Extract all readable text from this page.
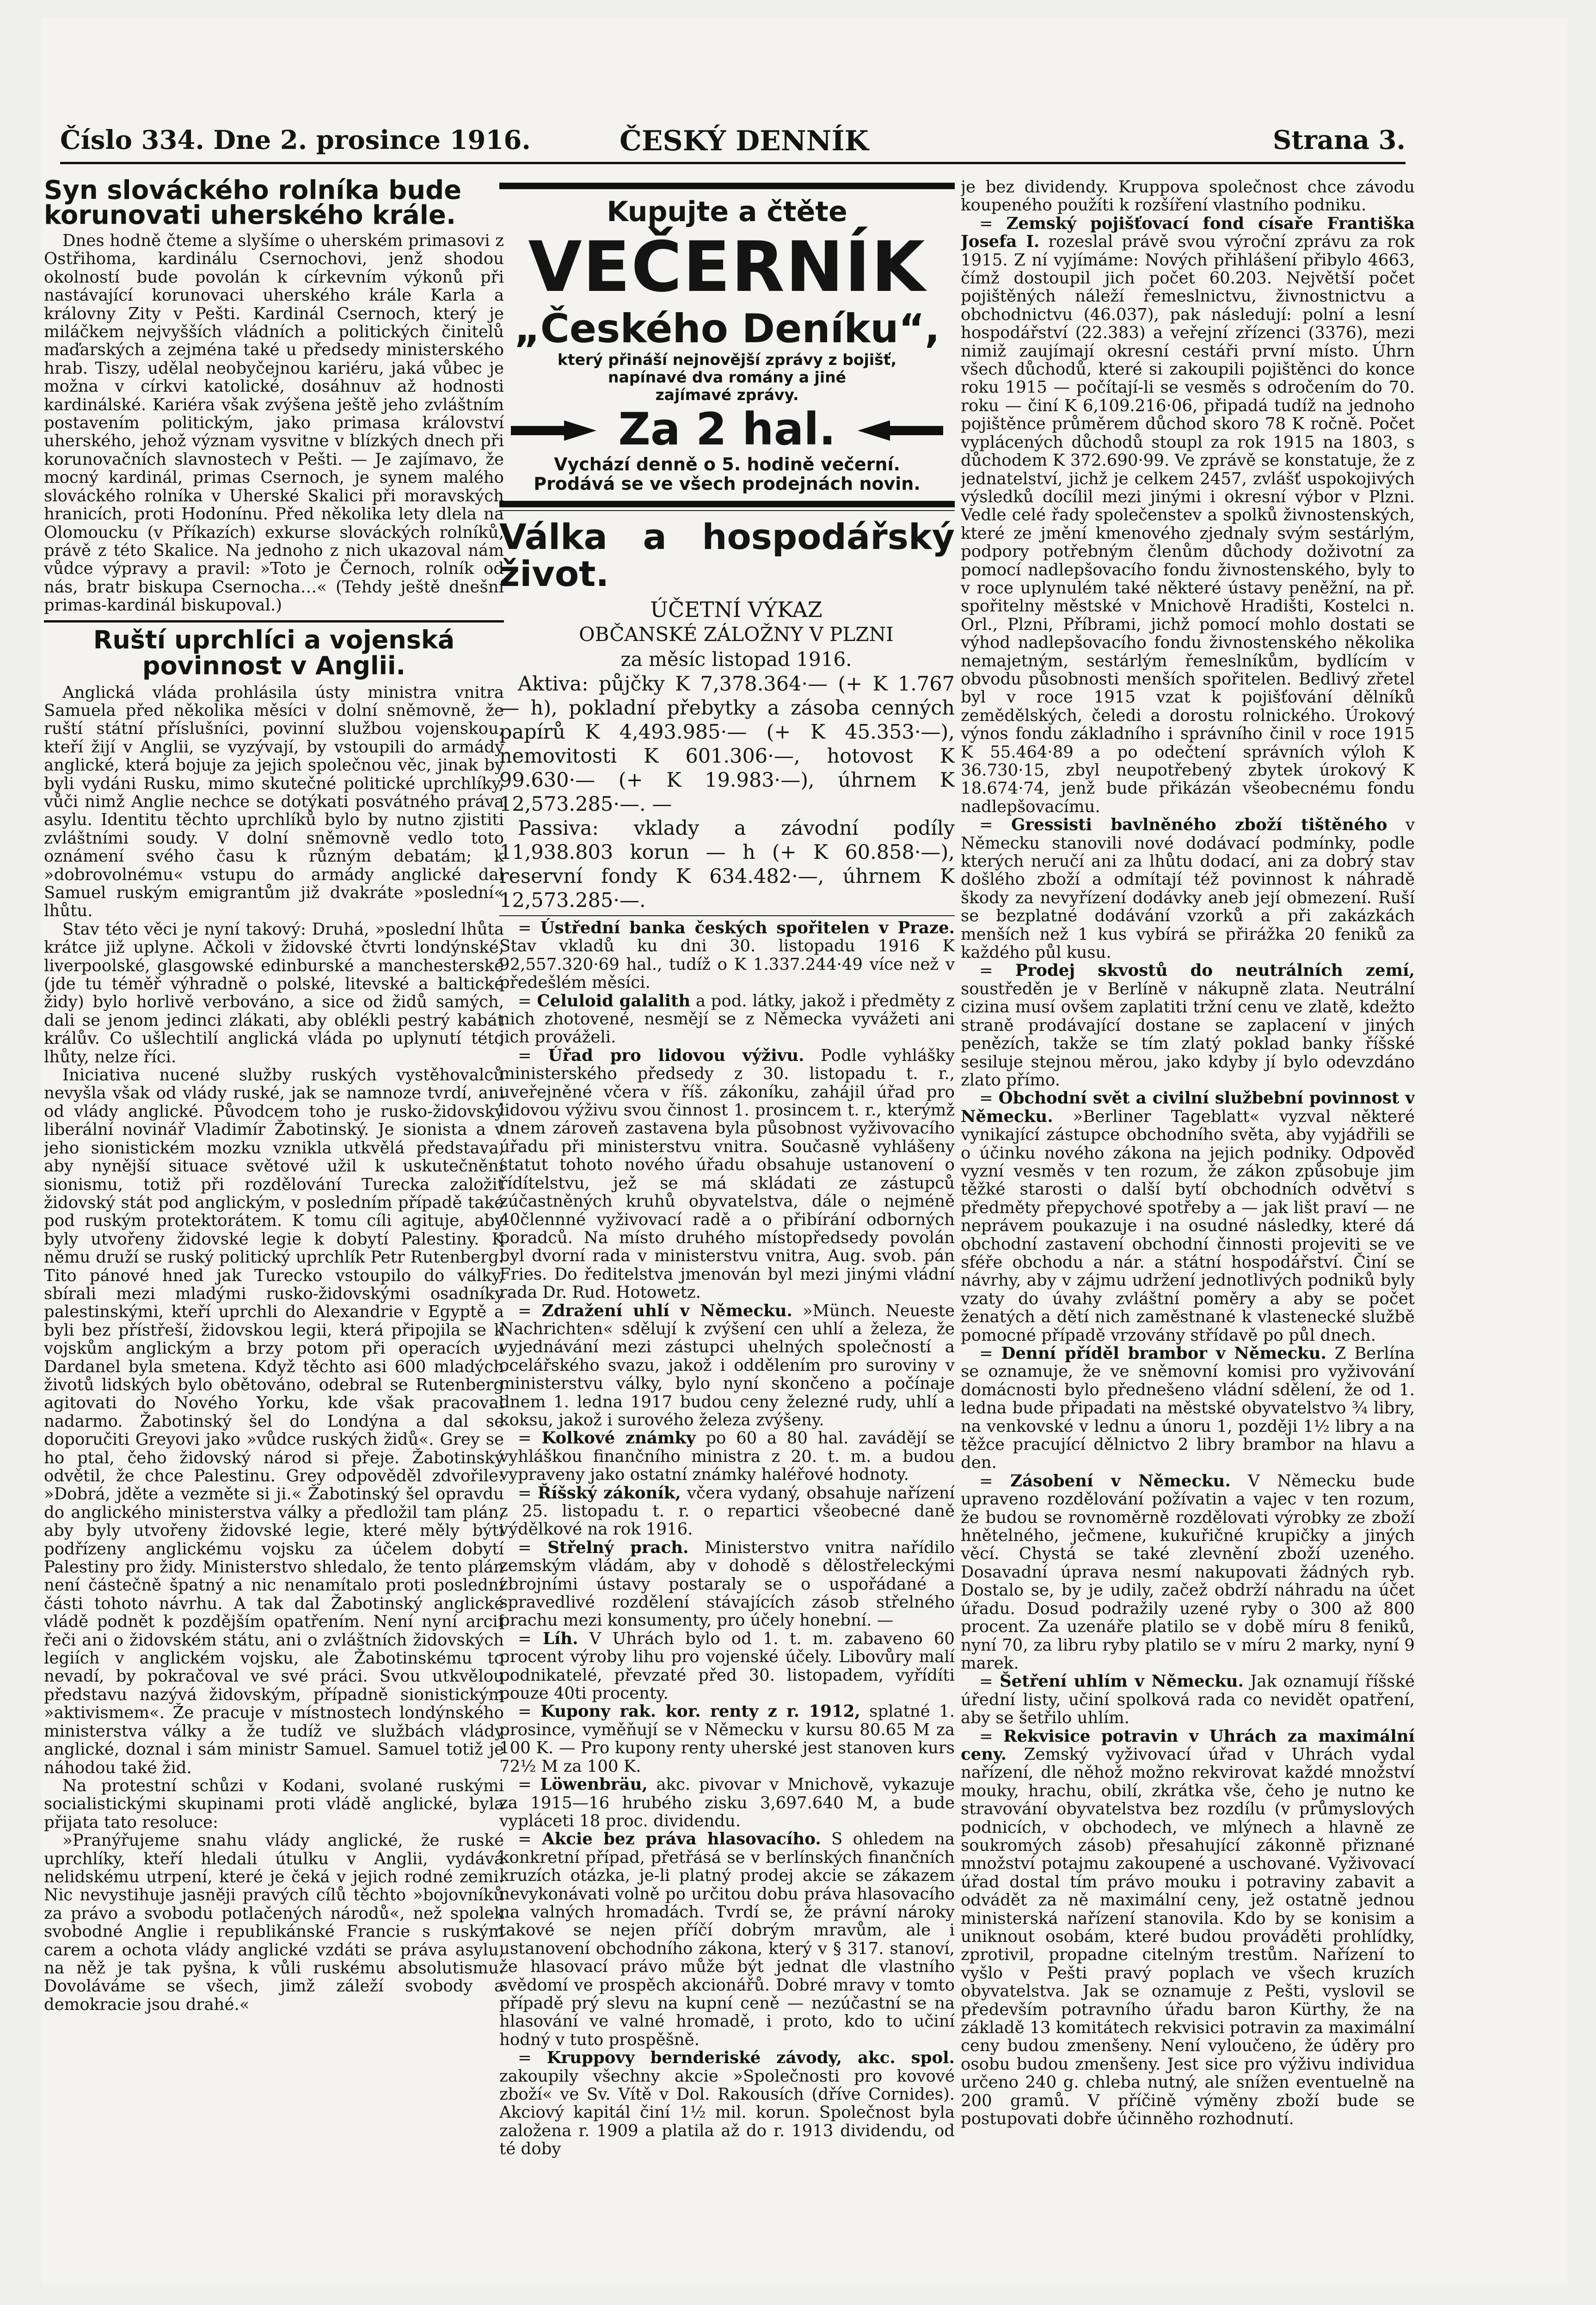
Číslo 334. Dne 2. prosince 1916.	ČESKÝ DENNÍK	Strana 3.
Syn slováckého rolníka bude korunovati uherského krále.

Dnes hodně čteme a slyšíme o uherském primasovi z Ostřihoma, kardinálu Csernochovi, jenž shodou okolností bude povolán k církevním výkonů při nastávající korunovaci uherského krále Karla a královny Zity v Pešti. Kardinál Csernoch, který je miláčkem nejvyšších vládních a politických činitelů maďarských a zejména také u předsedy ministerského hrab. Tiszy, udělal neobyčejnou kariéru, jaká vůbec je možna v církvi katolické, dosáhnuv až hodnosti kardinálské. Kariéra však zvýšena ještě jeho zvláštním postavením politickým, jako primasa království uherského, jehož význam vysvitne v blízkých dnech při korunovačních slavnostech v Pešti. — Je zajímavo, že mocný kardinál, primas Csernoch, je synem malého slováckého rolníka v Uherské Skalici při moravských hranicích, proti Hodonínu. Před několika lety dlela na Olomoucku (v Příkazích) exkurse slováckých rolníků, právě z této Skalice. Na jednoho z nich ukazoval nám vůdce výpravy a pravil: »Toto je Černoch, rolník od nás, bratr biskupa Csernocha…« (Tehdy ještě dnešní primas-kardinál biskupoval.)

Ruští uprchlíci a vojenská povinnost v Anglii.

Anglická vláda prohlásila ústy ministra vnitra Samuela před několika měsíci v dolní sněmovně, že ruští státní příslušníci, povinní službou vojenskou, kteří žijí v Anglii, se vyzývají, by vstoupili do armády anglické, která bojuje za jejich společnou věc, jinak by byli vydáni Rusku, mimo skutečné politické uprchlíky, vůči nimž Anglie nechce se dotýkati posvátného práva asylu. Identitu těchto uprchlíků bylo by nutno zjistiti zvláštními soudy. V dolní sněmovně vedlo toto oznámení svého času k různým debatám; k »dobrovolnému« vstupu do armády anglické dal Samuel ruským emigrantům již dvakráte »poslední« lhůtu.

Stav této věci je nyní takový: Druhá, »poslední lhůta krátce již uplyne. Ačkoli v židovské čtvrti londýnské, liverpoolské, glasgowské edinburské a manchesterské (jde tu téměř výhradně o polské, litevské a baltické židy) bylo horlivě verbováno, a sice od židů samých, dali se jenom jedinci zlákati, aby oblékli pestrý kabát králův. Co ušlechtilí anglická vláda po uplynutí této lhůty, nelze říci.

Iniciativa nucené služby ruských vystěhovalců nevyšla však od vlády ruské, jak se namnoze tvrdí, ani od vlády anglické. Původcem toho je rusko-židovský liberální novinář Vladimír Žabotinský. Je sionista a v jeho sionistickém mozku vznikla utkvělá představa, aby nynější situace světové užil k uskutečnění sionismu, totiž při rozdělování Turecka založit židovský stát pod anglickým, v posledním případě také pod ruským protektorátem. K tomu cíli agituje, aby byly utvořeny židovské legie k dobytí Palestiny. K němu druží se ruský politický uprchlík Petr Rutenberg. Tito pánové hned jak Turecko vstoupilo do války, sbírali mezi mladými rusko-židovskými osadníky palestinskými, kteří uprchli do Alexandrie v Egyptě a byli bez přístřeší, židovskou legii, která připojila se k vojskům anglickým a brzy potom při operacích u Dardanel byla smetena. Když těchto asi 600 mladých životů lidských bylo obětováno, odebral se Rutenberg agitovati do Nového Yorku, kde však pracoval nadarmo. Žabotinský šel do Londýna a dal se doporučiti Greyovi jako »vůdce ruských židů«. Grey se ho ptal, čeho židovský národ si přeje. Žabotinský odvětil, že chce Palestinu. Grey odpověděl zdvořile: »Dobrá, jděte a vezměte si ji.« Žabotinský šel opravdu do anglického ministerstva války a předložil tam plán, aby byly utvořeny židovské legie, které měly býti podřízeny anglickému vojsku za účelem dobytí Palestiny pro židy. Ministerstvo shledalo, že tento plán není částečně špatný a nic nenamítalo proti poslední části tohoto návrhu. A tak dal Žabotinský anglické vládě podnět k pozdějším opatřením. Není nyní arcif řeči ani o židovském státu, ani o zvláštních židovských legiích v anglickém vojsku, ale Žabotinskému to nevadí, by pokračoval ve své práci. Svou utkvělou představu nazývá židovským, případně sionistickým »aktivismem«. Že pracuje v místnostech londýnského ministerstva války a že tudíž ve službách vlády anglické, doznal i sám ministr Samuel. Samuel totiž je náhodou také žid.

Na protestní schůzi v Kodani, svolané ruskými socialistickými skupinami proti vládě anglické, byla přijata tato resoluce:

»Pranýřujeme snahu vlády anglické, že ruské uprchlíky, kteří hledali útulku v Anglii, vydává nelidskému utrpení, které je čeká v jejich rodné zemi. Nic nevystihuje jasněji pravých cílů těchto »bojovníků za právo a svobodu potlačených národů«, než spolek svobodné Anglie i republikánské Francie s ruským carem a ochota vlády anglické vzdáti se práva asylu, na něž je tak pyšna, k vůli ruskému absolutismu. Dovoláváme se všech, jimž záleží svobody a demokracie jsou drahé.«

Kupujte a čtěte
VEČERNÍK
„Českého Deníku“,
který přináší nejnovější zprávy z bojišť,
napínavé dva romány a jiné
zajímavé zprávy.
Za 2 hal.
Vychází denně o 5. hodině večerní.
Prodává se ve všech prodejnách novin.
Válka a hospodářský život.

ÚČETNÍ VÝKAZ

OBČANSKÉ ZÁLOŽNY V PLZNI

za měsíc listopad 1916.

Aktiva: půjčky K 7,378.364·— (+ K 1.767 — h), pokladní přebytky a zásoba cenných papírů K 4,493.985·— (+ K 45.353·—), nemovitosti K 601.306·—, hotovost K 99.630·— (+ K 19.983·—), úhrnem K 12,573.285·—. —

Passiva: vklady a závodní podíly 11,938.803 korun — h (+ K 60.858·—), reservní fondy K 634.482·—, úhrnem K 12,573.285·—.

= Ústřední banka českých spořitelen v Praze. Stav vkladů ku dni 30. listopadu 1916 K 92,557.320·69 hal., tudíž o K 1.337.244·49 více než v předešlém měsíci.

= Celuloid galalith a pod. látky, jakož i předměty z nich zhotovené, nesmějí se z Německa vyvážeti ani jich prováželi.

= Úřad pro lidovou výživu. Podle vyhlášky ministerského předsedy z 30. listopadu t. r., uveřejněné včera v říš. zákoníku, zahájil úřad pro lidovou výživu svou činnost 1. prosincem t. r., kterýmž dnem zároveň zastavena byla působnost vyživovacího úřadu při ministerstvu vnitra. Současně vyhlášeny statut tohoto nového úřadu obsahuje ustanovení o řídítelstvu, jež se má skládati ze zástupců zúčastněných kruhů obyvatelstva, dále o nejméně 40člennné vyživovací radě a o přibírání odborných poradců. Na místo druhého místopředsedy povolán byl dvorní rada v ministerstvu vnitra, Aug. svob. pán Fries. Do ředitelstva jmenován byl mezi jinými vládní rada Dr. Rud. Hotowetz.

= Zdražení uhlí v Německu. »Münch. Neueste Nachrichten« sdělují k zvýšení cen uhlí a železa, že vyjednávání mezi zástupci uhelných společností a ocelářského svazu, jakož i oddělením pro suroviny v ministerstvu války, bylo nyní skončeno a počínaje dnem 1. ledna 1917 budou ceny železné rudy, uhlí a koksu, jakož i surového železa zvýšeny.

= Kolkové známky po 60 a 80 hal. zavádějí se vyhláškou finančního ministra z 20. t. m. a budou vypraveny jako ostatní známky haléřové hodnoty.

= Říšský zákoník, včera vydaný, obsahuje nařízení z 25. listopadu t. r. o repartici všeobecné daně výdělkové na rok 1916.

= Střelný prach. Ministerstvo vnitra nařídilo zemským vládám, aby v dohodě s dělostřeleckými zbrojními ústavy postaraly se o uspořádané a spravedlivé rozdělení stávajících zásob střelného prachu mezi konsumenty, pro účely honební. —

= Líh. V Uhrách bylo od 1. t. m. zabaveno 60 procent výroby lihu pro vojenské účely. Libovůry malí podnikatelé, převzaté před 30. listopadem, vyřídíti pouze 40ti procenty.

= Kupony rak. kor. renty z r. 1912, splatné 1. prosince, vyměňují se v Německu v kursu 80.65 M za 100 K. — Pro kupony renty uherské jest stanoven kurs 72½ M za 100 K.

= Löwenbräu, akc. pivovar v Mnichově, vykazuje za 1915—16 hrubého zisku 3,697.640 M, a bude vypláceti 18 proc. dividendu.

= Akcie bez práva hlasovacího. S ohledem na konkretní případ, přetřásá se v berlínských finančních kruzích otázka, je-li platný prodej akcie se zákazem nevykonávati volně po určitou dobu práva hlasovacího na valných hromadách. Tvrdí se, že právní nároky takové se nejen příčí dobrým mravům, ale i ustanovení obchodního zákona, který v § 317. stanoví, že hlasovací právo může být jednat dle vlastního svědomí ve prospěch akcionářů. Dobré mravy v tomto případě prý slevu na kupní ceně — nezúčastní se na hlasování ve valné hromadě, i proto, kdo to učiní hodný v tuto prospěšně.

= Kruppovy bernderiské závody, akc. spol. zakoupily všechny akcie »Společnosti pro kovové zboží« ve Sv. Vítě v Dol. Rakousích (dříve Cornides). Akciový kapitál činí 1½ mil. korun. Společnost byla založena r. 1909 a platila až do r. 1913 dividendu, od té doby

je bez dividendy. Kruppova společnost chce závodu koupeného použíti k rozšíření vlastního podniku.

= Zemský pojišťovací fond císaře Františka Josefa I. rozeslal právě svou výroční zprávu za rok 1915. Z ní vyjímáme: Nových přihlášení přibylo 4663, čímž dostoupil jich počet 60.203. Největší počet pojištěných náleží řemeslnictvu, živnostnictvu a obchodnictvu (46.037), pak následují: polní a lesní hospodářství (22.383) a veřejní zřízenci (3376), mezi nimiž zaujímají okresní cestáři první místo. Úhrn všech důchodů, které si zakoupili pojištěnci do konce roku 1915 — počítají-li se vesměs s odročením do 70. roku — činí K 6,109.216·06, připadá tudíž na jednoho pojištěnce průměrem důchod skoro 78 K ročně. Počet vyplácených důchodů stoupl za rok 1915 na 1803, s důchodem K 372.690·99. Ve zprávě se konstatuje, že z jednatelství, jichž je celkem 2457, zvlášť uspokojivých výsledků docílil mezi jinými i okresní výbor v Plzni. Vedle celé řady společenstev a spolků živnostenských, které ze jmění kmenového zjednaly svým sestárlým, podpory potřebným členům důchody doživotní za pomocí nadlepšovacího fondu živnostenského, byly to v roce uplynulém také některé ústavy peněžní, na př. spořitelny městské v Mnichově Hradišti, Kostelci n. Orl., Plzni, Příbrami, jichž pomocí mohlo dostati se výhod nadlepšovacího fondu živnostenského několika nemajetným, sestárlým řemeslníkům, bydlícím v obvodu působnosti menších spořitelen. Bedlivý zřetel byl v roce 1915 vzat k pojišťování dělníků zemědělských, čeledi a dorostu rolnického. Úrokový výnos fondu základního i správního činil v roce 1915 K 55.464·89 a po odečtení správních výloh K 36.730·15, zbyl neupotřebený zbytek úrokový K 18.674·74, jenž bude přikázán všeobecnému fondu nadlepšovacímu.

= Gressisti bavlněného zboží tištěného v Německu stanovili nové dodávací podmínky, podle kterých neručí ani za lhůtu dodací, ani za dobrý stav došlého zboží a odmítají též povinnost k náhradě škody za nevyřízení dodávky aneb její obmezení. Ruší se bezplatné dodávání vzorků a při zakázkách menších než 1 kus vybírá se přirážka 20 feniků za každého půl kusu.

= Prodej skvostů do neutrálních zemí, soustředěn je v Berlíně v nákupně zlata. Neutrální cizina musí ovšem zaplatiti tržní cenu ve zlatě, kdežto straně prodávající dostane se zaplacení v jiných penězích, takže se tím zlatý poklad banky říšské sesiluje stejnou měrou, jako kdyby jí bylo odevzdáno zlato přímo.

= Obchodní svět a civilní službební povinnost v Německu. »Berliner Tageblatt« vyzval některé vynikající zástupce obchodního světa, aby vyjádřili se o účinku nového zákona na jejich podniky. Odpověď vyzní vesměs v ten rozum, že zákon způsobuje jim těžké starosti o další bytí obchodních odvětví s předměty přepychové spotřeby a — jak lišt praví — ne neprávem poukazuje i na osudné následky, které dá obchodní zastavení obchodní činnosti projeviti se ve sféře obchodu a nár. a státní hospodářství. Činí se návrhy, aby v zájmu udržení jednotlivých podniků byly vzaty do úvahy zvláštní poměry a aby se počet ženatých a dětí nich zaměstnané k vlastenecké službě pomocné případě vrzovány střídavě po půl dnech.

= Denní příděl brambor v Německu. Z Berlína se oznamuje, že ve sněmovní komisi pro vyživování domácnosti bylo přednešeno vládní sdělení, že od 1. ledna bude připadati na městské obyvatelstvo ¾ libry, na venkovské v lednu a únoru 1, později 1½ libry a na těžce pracující dělnictvo 2 libry brambor na hlavu a den.

= Zásobení v Německu. V Německu bude upraveno rozdělování požívatin a vajec v ten rozum, že budou se rovnoměrně rozdělovati výrobky ze zboží hnětelného, ječmene, kukuřičné krupičky a jiných věcí. Chystá se také zlevnění zboží uzeného. Dosavadní úprava nesmí nakupovati žádných ryb. Dostalo se, by je udily, začež obdrží náhradu na účet úřadu. Dosud podražily uzené ryby o 300 až 800 procent. Za uzenáře platilo se v době míru 8 feniků, nyní 70, za libru ryby platilo se v míru 2 marky, nyní 9 marek.

= Šetření uhlím v Německu. Jak oznamují říšské úřední listy, učiní spolková rada co nevidět opatření, aby se šetřilo uhlím.

= Rekvisice potravin v Uhrách za maximální ceny. Zemský vyživovací úřad v Uhrách vydal nařízení, dle něhož možno rekvirovat každé množství mouky, hrachu, obilí, zkrátka vše, čeho je nutno ke stravování obyvatelstva bez rozdílu (v průmyslových podnicích, v obchodech, ve mlýnech a hlavně ze soukromých zásob) přesahující zákonně přiznané množství potajmu zakoupené a uschované. Vyživovací úřad dostal tím právo mouku i potraviny zabavit a odvádět za ně maximální ceny, jež ostatně jednou ministerská nařízení stanovila. Kdo by se konisim a uniknout osobám, které budou prováděti prohlídky, zprotivil, propadne citelným trestům. Nařízení to vyšlo v Pešti pravý poplach ve všech kruzích obyvatelstva. Jak se oznamuje z Pešti, vyslovil se především potravního úřadu baron Kürthy, že na základě 13 komitátech rekvisici potravin za maximální ceny budou zmenšeny. Není vyloučeno, že úděry pro osobu budou zmenšeny. Jest sice pro výživu individua určeno 240 g. chleba nutný, ale snížen eventuelně na 200 gramů. V příčině výměny zboží bude se postupovati dobře účinněho rozhodnutí.
